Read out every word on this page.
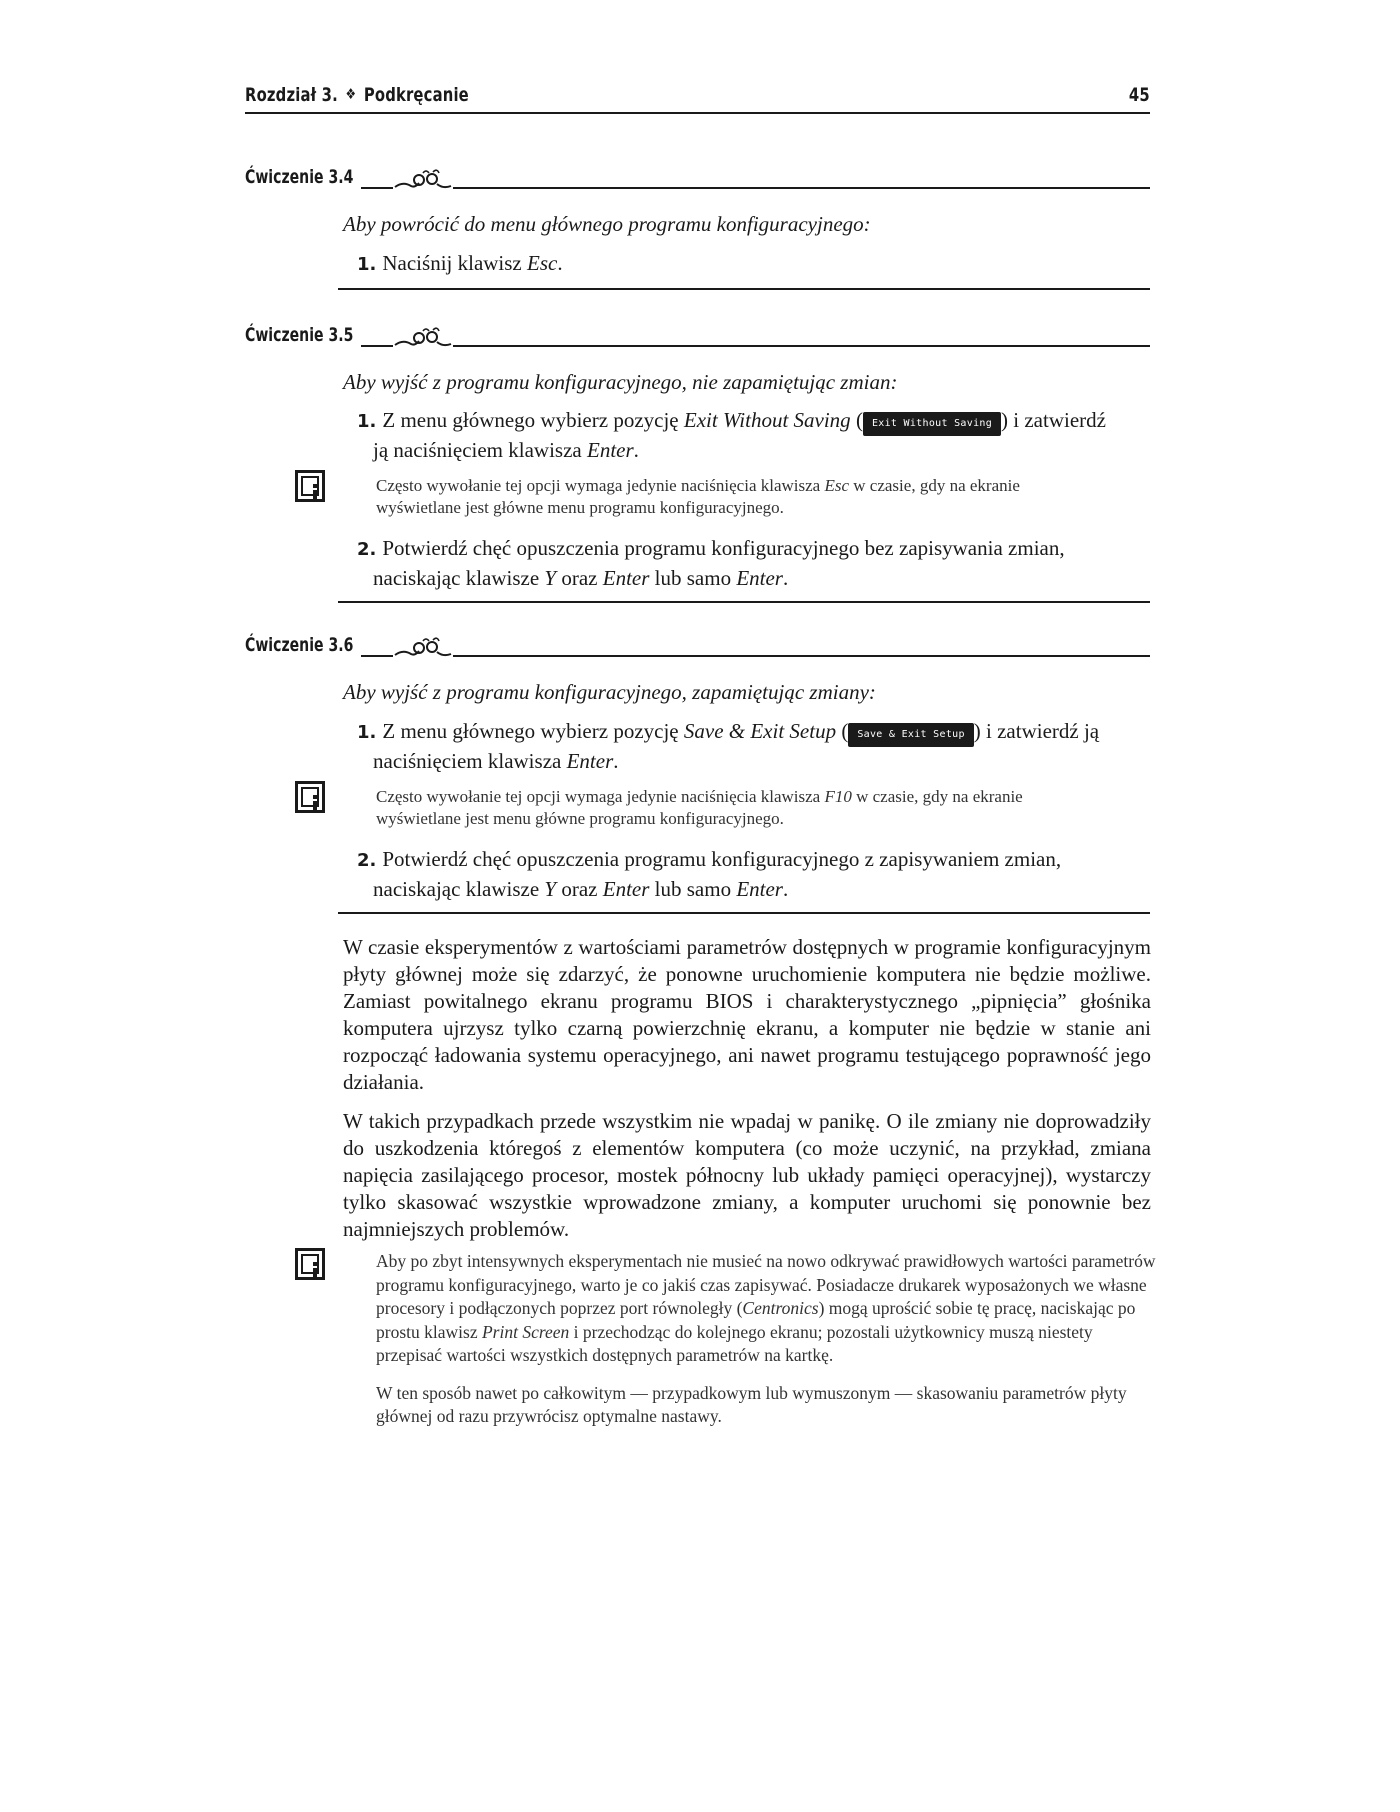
Rozdział 3. ❖ Podkręcanie	45
Ćwiczenie 3.4
Aby powrócić do menu głównego programu konfiguracyjnego:
1. Naciśnij klawisz Esc.
Ćwiczenie 3.5
Aby wyjść z programu konfiguracyjnego, nie zapamiętując zmian:
1. Z menu głównego wybierz pozycję Exit Without Saving ( Exit Without Saving ) i zatwierdź
ją naciśnięciem klawisza Enter.

Często wywołanie tej opcji wymaga jedynie naciśnięcia klawisza Esc w czasie, gdy na ekranie

wyświetlane jest główne menu programu konfiguracyjnego.

2. Potwierdź chęć opuszczenia programu konfiguracyjnego bez zapisywania zmian,
naciskając klawisze Y oraz Enter lub samo Enter.
Ćwiczenie 3.6
Aby wyjść z programu konfiguracyjnego, zapamiętując zmiany:
1. Z menu głównego wybierz pozycję Save & Exit Setup ( Save & Exit Setup ) i zatwierdź ją
naciśnięciem klawisza Enter.

Często wywołanie tej opcji wymaga jedynie naciśnięcia klawisza F10 w czasie, gdy na ekranie

wyświetlane jest menu główne programu konfiguracyjnego.

2. Potwierdź chęć opuszczenia programu konfiguracyjnego z zapisywaniem zmian,
naciskając klawisze Y oraz Enter lub samo Enter.

W czasie eksperymentów z wartościami parametrów dostępnych w programie konfiguracyjnym płyty głównej może się zdarzyć, że ponowne uruchomienie komputera nie będzie możliwe. Zamiast powitalnego ekranu programu BIOS i charakterystycznego „pipnięcia” głośnika komputera ujrzysz tylko czarną powierzchnię ekranu, a komputer nie będzie w stanie ani rozpocząć ładowania systemu operacyjnego, ani nawet programu testującego poprawność jego działania.

W takich przypadkach przede wszystkim nie wpadaj w panikę. O ile zmiany nie doprowadziły do uszkodzenia któregoś z elementów komputera (co może uczynić, na przykład, zmiana napięcia zasilającego procesor, mostek północny lub układy pamięci operacyjnej), wystarczy tylko skasować wszystkie wprowadzone zmiany, a komputer uruchomi się ponownie bez najmniejszych problemów.

Aby po zbyt intensywnych eksperymentach nie musieć na nowo odkrywać prawidłowych wartości parametrów programu konfiguracyjnego, warto je co jakiś czas zapisywać. Posiadacze drukarek wyposażonych we własne procesory i podłączonych poprzez port równoległy (Centronics) mogą uprościć sobie tę pracę, naciskając po prostu klawisz Print Screen i przechodząc do kolejnego ekranu; pozostali użytkownicy muszą niestety przepisać wartości wszystkich dostępnych parametrów na kartkę.

W ten sposób nawet po całkowitym — przypadkowym lub wymuszonym — skasowaniu parametrów płyty głównej od razu przywrócisz optymalne nastawy.
